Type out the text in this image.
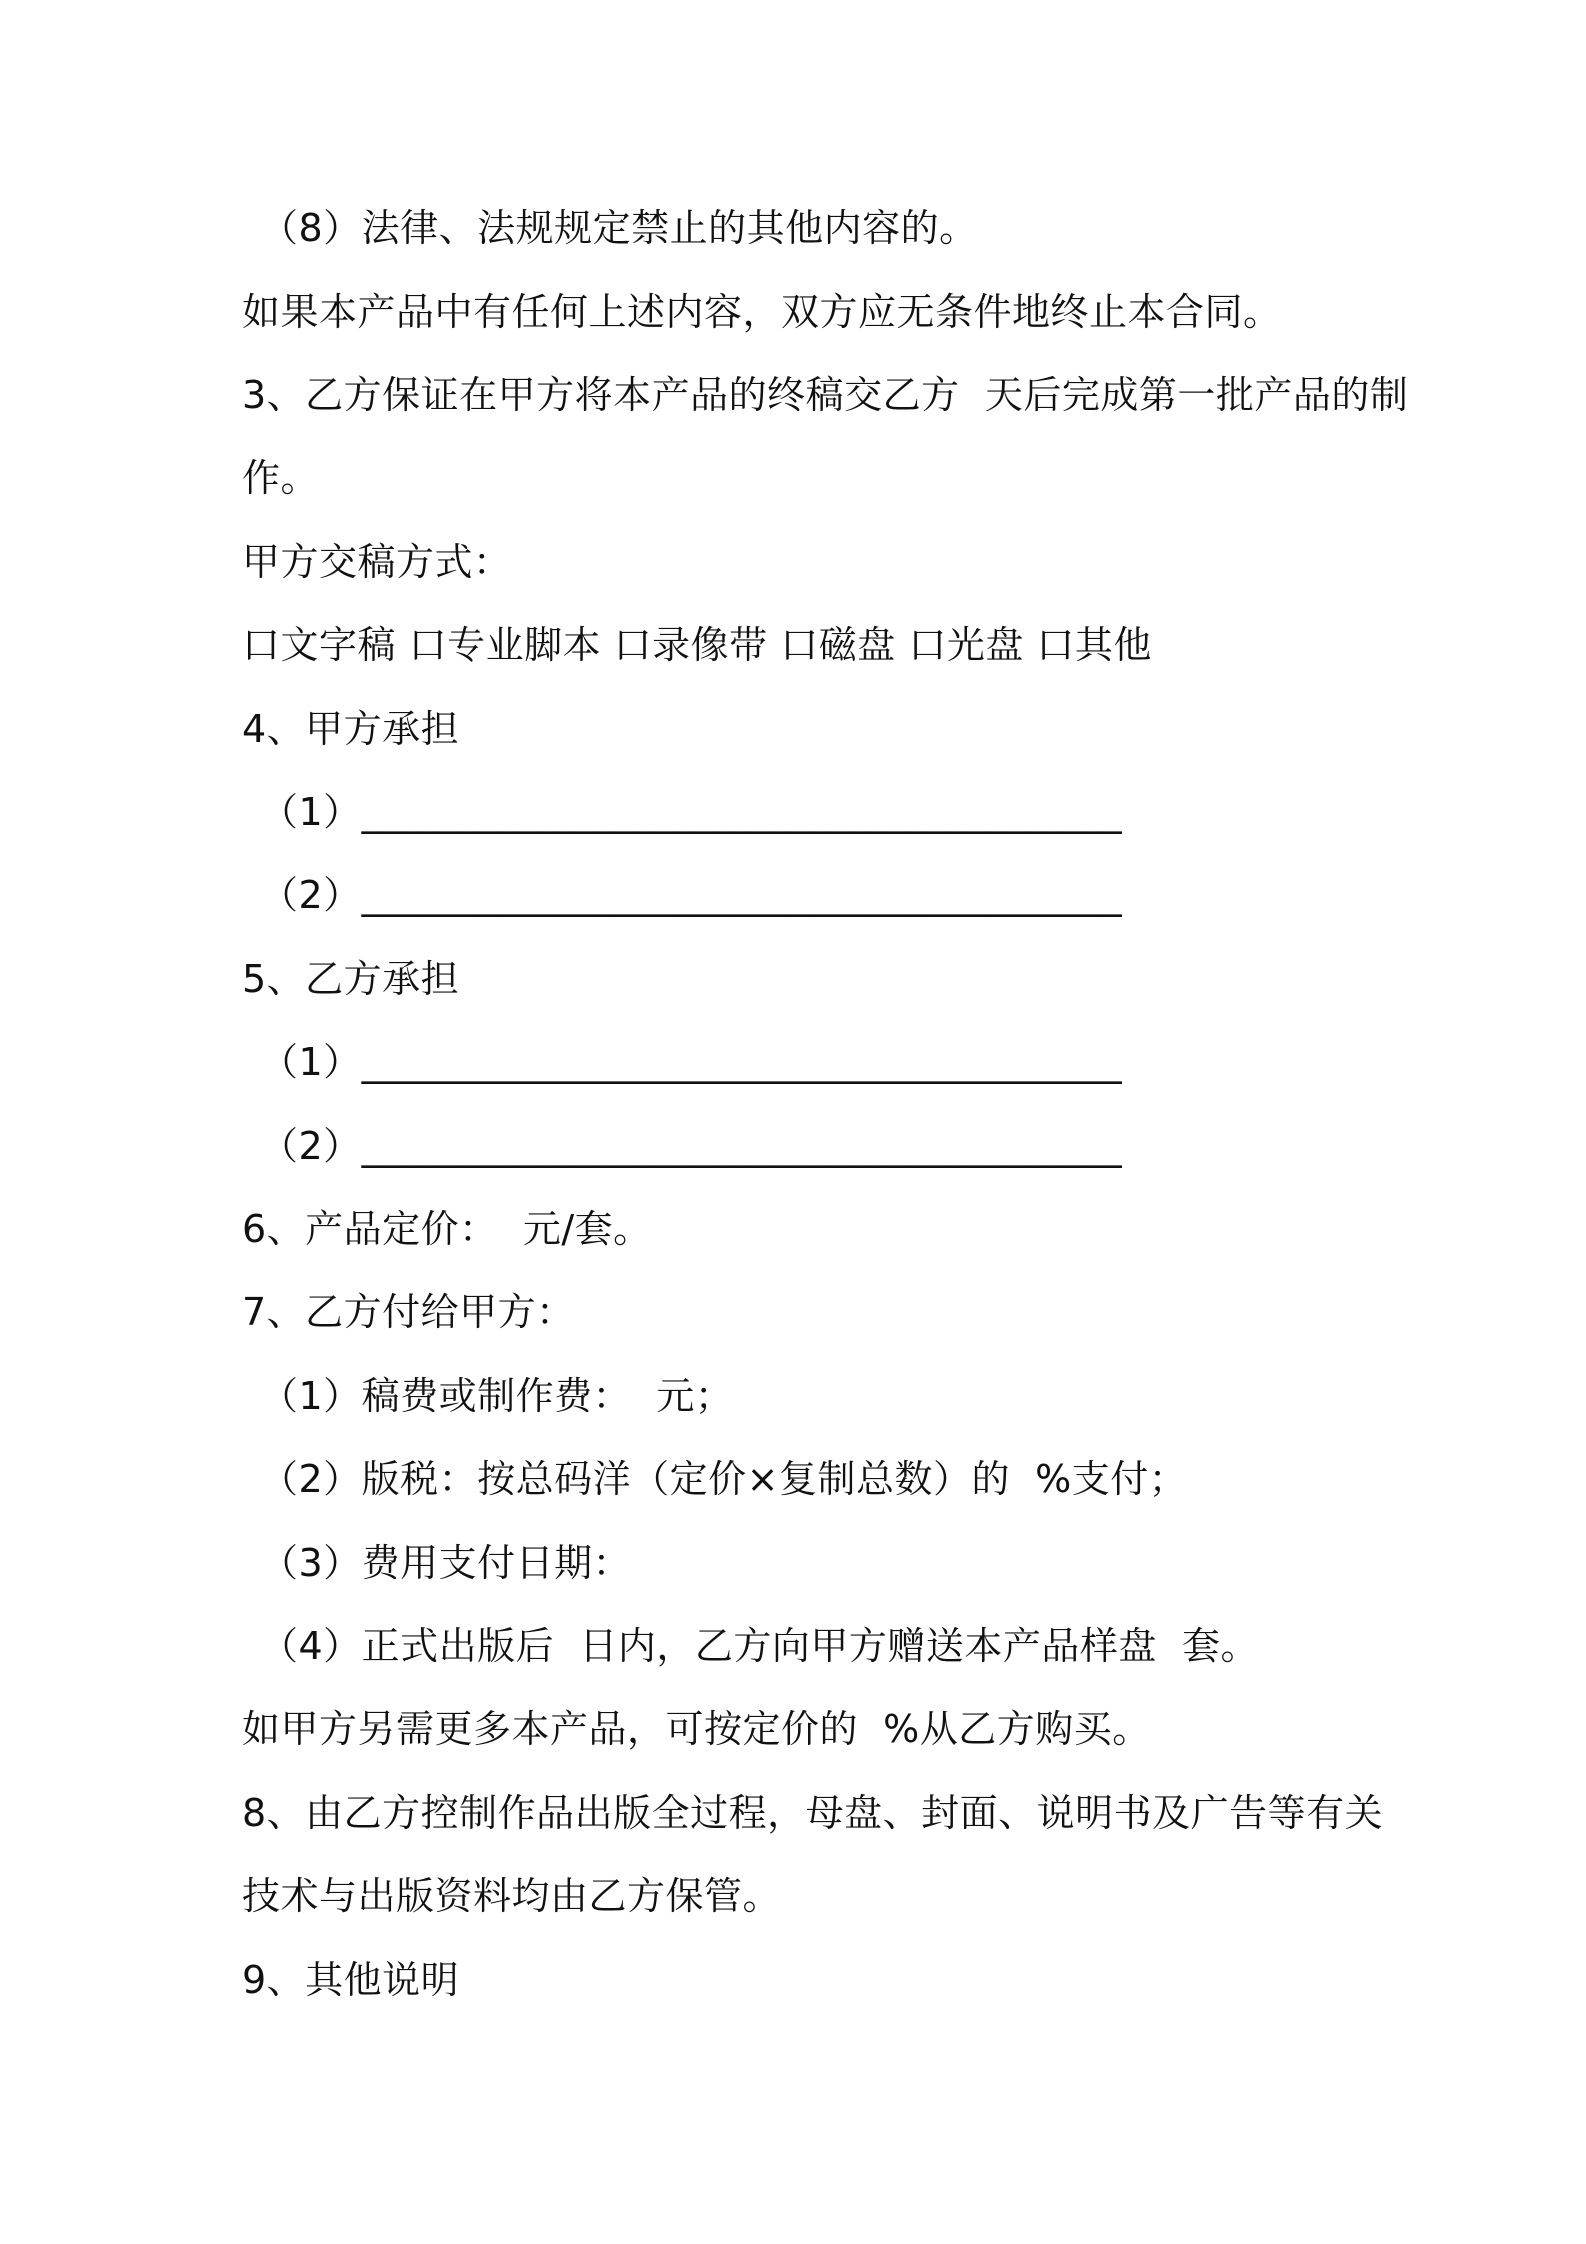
（8）法律、法规规定禁止的其他内容的。
如果本产品中有任何上述内容，双方应无条件地终止本合同。
3、乙方保证在甲方将本产品的终稿交乙方  天后完成第一批产品的制
作。
甲方交稿方式：
口文字稿 口专业脚本 口录像带 口磁盘 口光盘 口其他
4、甲方承担
（1）_______________________________________
（2）_______________________________________
5、乙方承担
（1）_______________________________________
（2）_______________________________________
6、产品定价：  元/套。
7、乙方付给甲方：
（1）稿费或制作费：  元；
（2）版税：按总码洋（定价×复制总数）的  %支付；
（3）费用支付日期：
（4）正式出版后  日内，乙方向甲方赠送本产品样盘  套。
如甲方另需更多本产品，可按定价的  %从乙方购买。
8、由乙方控制作品出版全过程，母盘、封面、说明书及广告等有关
技术与出版资料均由乙方保管。
9、其他说明
